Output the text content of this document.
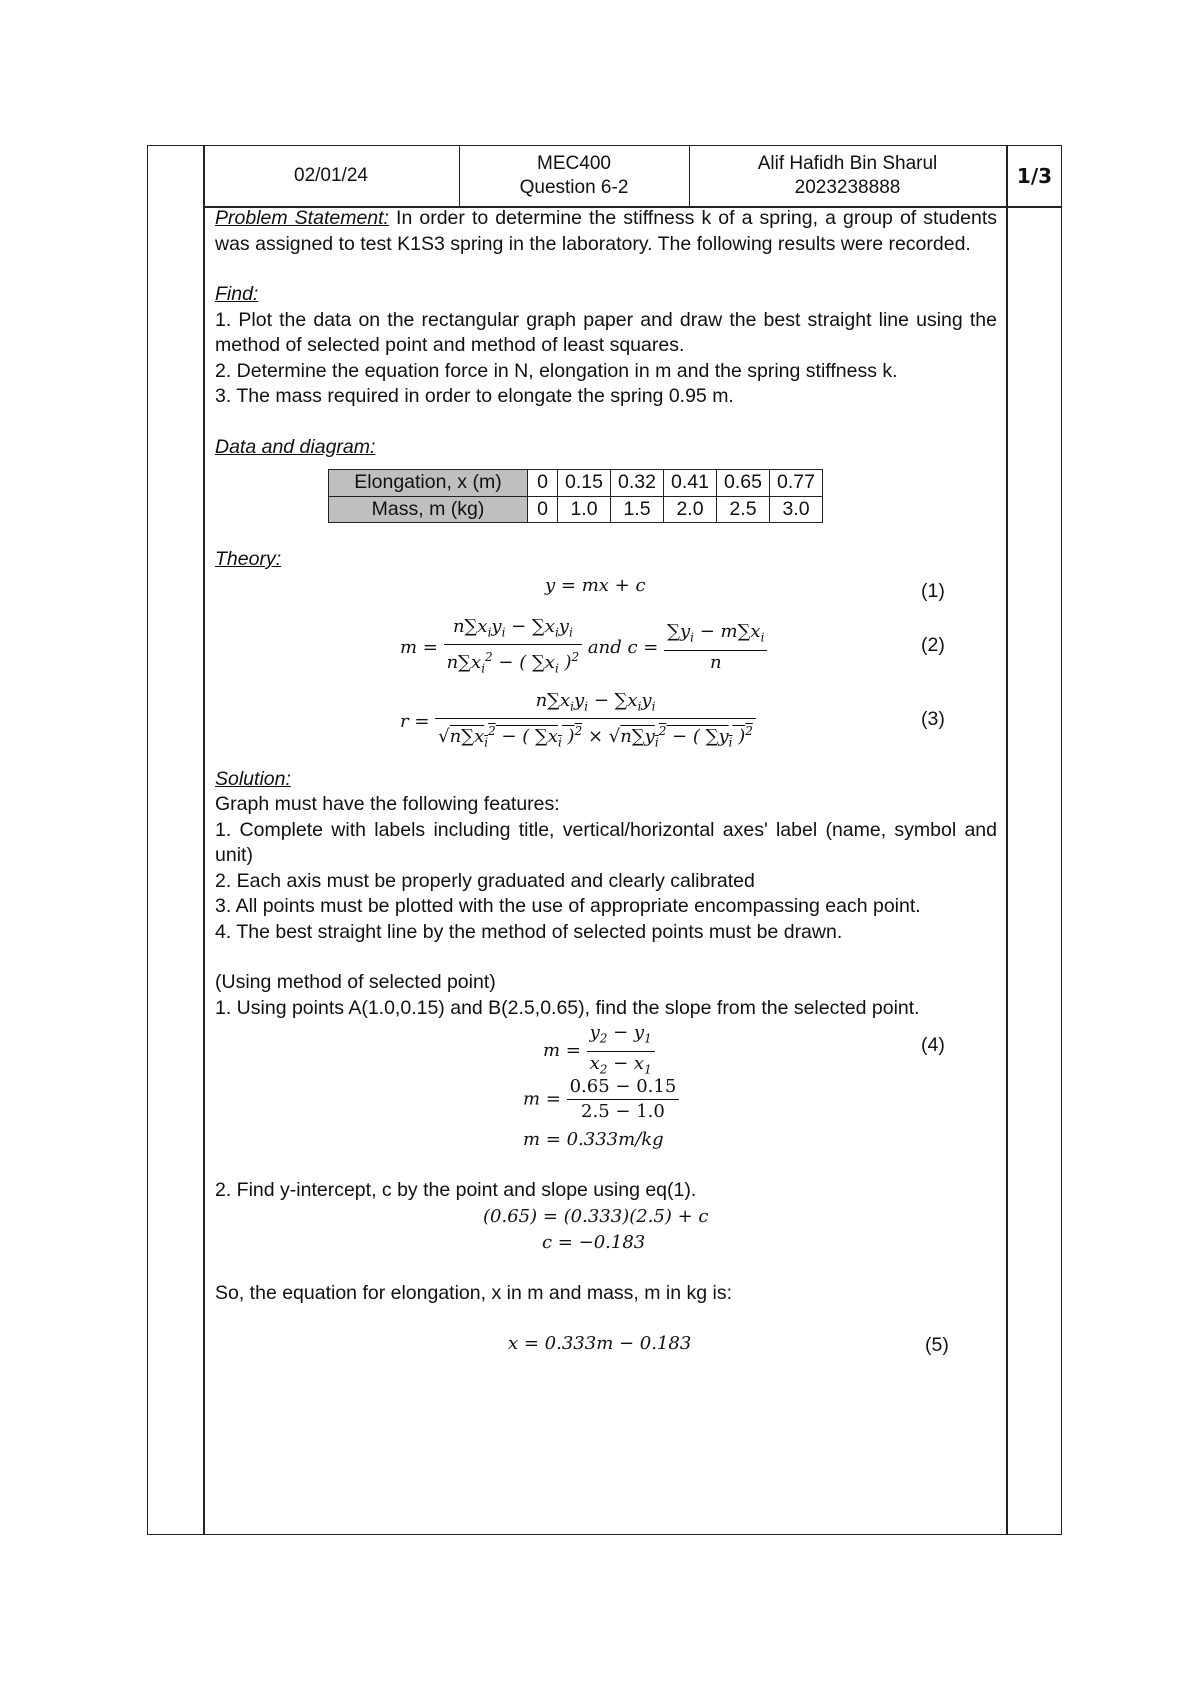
02/01/24
MEC400
Question 6-2
Alif Hafidh Bin Sharul
2023238888	1/3

Problem Statement: In order to determine the stiffness k of a spring, a group of students was assigned to test K1S3 spring in the laboratory. The following results were recorded.

Find:

1. Plot the data on the rectangular graph paper and draw the best straight line using the method of selected point and method of least squares.

2. Determine the equation force in N, elongation in m and the spring stiffness k.

3. The mass required in order to elongate the spring 0.95 m.

Data and diagram:

Elongation, x (m)	0	0.15	0.32	0.41	0.65	0.77
Mass, m (kg)	0	1.0	1.5	2.0	2.5	3.0

Theory:

y = mx + c	(1)
$m = \frac{n\sum x_iy_i - \sum x_iy_i}{n\sum x_i^2 - ( \sum x_i )^2}$ and $c = \frac{\sum y_i - m\sum x_i}{n}$	(2)
$r = \frac{n\sum x_iy_i - \sum x_iy_i}{√n\sum x_i^2 - ( \sum x_i )^2 \times √n\sum y_i^2 - ( \sum y_i )^2}$	(3)

Solution:

Graph must have the following features:

1. Complete with labels including title, vertical/horizontal axes' label (name, symbol and unit)

2. Each axis must be properly graduated and clearly calibrated

3. All points must be plotted with the use of appropriate encompassing each point.

4. The best straight line by the method of selected points must be drawn.

(Using method of selected point)

1. Using points A(1.0,0.15) and B(2.5,0.65), find the slope from the selected point.

$m = \frac{y_2 - y_1}{x_2 - x_1}$	(4)
$m = \frac{0.65 - 0.15}{2.5 - 1.0}$
m = 0.333m/kg

2. Find y-intercept, c by the point and slope using eq(1).

(0.65) = (0.333)(2.5) + c
c = −0.183

So, the equation for elongation, x in m and mass, m in kg is:

x = 0.333m − 0.183	(5)
